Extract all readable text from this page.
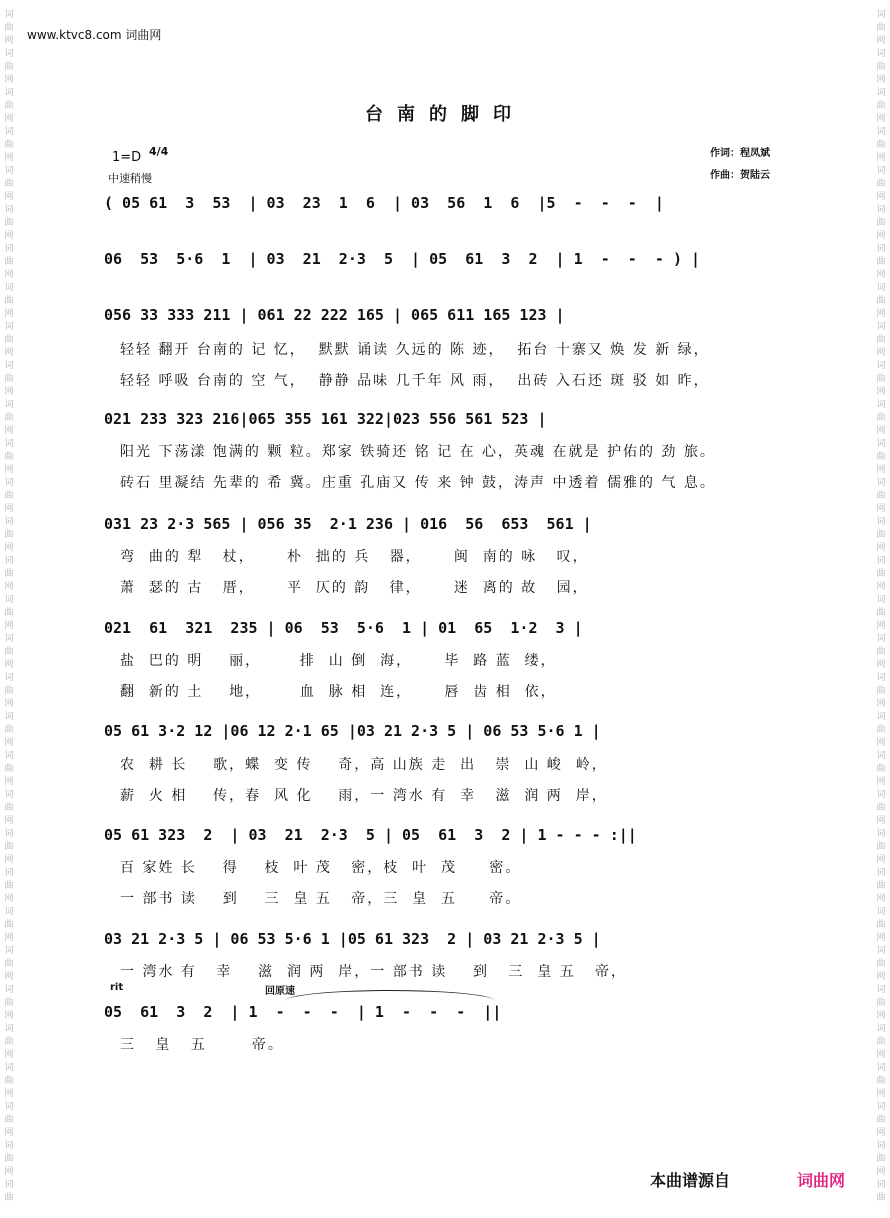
词
曲
网
词
曲
网
词
曲
网
词
曲
网
词
曲
网
词
曲
网
词
曲
网
词
曲
网
词
曲
网
词
曲
网
词
曲
网
词
曲
网
词
曲
网
词
曲
网
词
曲
网
词
曲
网
词
曲
网
词
曲
网
词
曲
网
词
曲
网
词
曲
网
词
曲
网
词
曲
网
词
曲
网
词
曲
网
词
曲
网
词
曲
网
词
曲
网
词
曲
网
词
曲
网
词
曲
词
曲
网
词
曲
网
词
曲
网
词
曲
网
词
曲
网
词
曲
网
词
曲
网
词
曲
网
词
曲
网
词
曲
网
词
曲
网
词
曲
网
词
曲
网
词
曲
网
词
曲
网
词
曲
网
词
曲
网
词
曲
网
词
曲
网
词
曲
网
词
曲
网
词
曲
网
词
曲
网
词
曲
网
词
曲
网
词
曲
网
词
曲
网
词
曲
网
词
曲
网
词
曲
网
词
曲
www.ktvc8.com 词曲网
台南的脚印
1=D 4/4
中速稍慢
作词：程凤斌
作曲：贺陆云
( 05 61  3  53  | 03  23  1  6  | 03  56  1  6  |5  -  -  -  |
06  53  5·6  1  | 03  21  2·3  5  | 05  61  3  2  | 1  -  -  - ) |
056 33 333 211 | 061 22 222 165 | 065 611 165 123 |
轻轻 翻开 台南的 记 忆，  默默 诵读 久远的 陈 迹，  拓台 十寨又 焕 发 新 绿，
轻轻 呼吸 台南的 空 气，  静静 品味 几千年 风 雨，  出砖 入石还 斑 驳 如 昨，
021 233 323 216|065 355 161 322|023 556 561 523 |
阳光 下荡漾 饱满的 颗 粒。郑家 铁骑还 铭 记 在 心，英魂 在就是 护佑的 劲 旅。
砖石 里凝结 先辈的 希 冀。庄重 孔庙又 传 来 钟 鼓，涛声 中透着 儒雅的 气 息。
031 23 2·3 565 | 056 35  2·1 236 | 016  56  653  561 |
弯  曲的 犁   杖，     朴  拙的 兵   器，     闽  南的 咏   叹，
萧  瑟的 古   厝，     平  仄的 韵   律，     迷  离的 故   园，
021  61  321  235 | 06  53  5·6  1 | 01  65  1·2  3 |
盐  巴的 明    丽，      排  山 倒  海，     毕  路 蓝  缕，
翻  新的 土    地，      血  脉 相  连，     唇  齿 相  依，
05 61 3·2 12 |06 12 2·1 65 |03 21 2·3 5 | 06 53 5·6 1 |
农  耕 长    歌，蝶  变 传    奇，高 山族 走  出   崇  山 峻  岭，
薪  火 相    传，春  风 化    雨，一 湾水 有  幸   滋  润 两  岸，
05 61 323  2  | 03  21  2·3  5 | 05  61  3  2 | 1 - - - :||
百 家姓 长    得    枝  叶 茂   密，枝  叶  茂     密。
一 部书 读    到    三  皇 五   帝，三  皇  五     帝。
03 21 2·3 5 | 06 53 5·6 1 |05 61 323  2 | 03 21 2·3 5 |
一 湾水 有   幸    滋  润 两  岸，一 部书 读    到   三  皇 五   帝，
rit	回原速
05  61  3  2  | 1  -  -  -  | 1  -  -  -  ||
三   皇   五       帝。
本曲谱源自	词曲网
